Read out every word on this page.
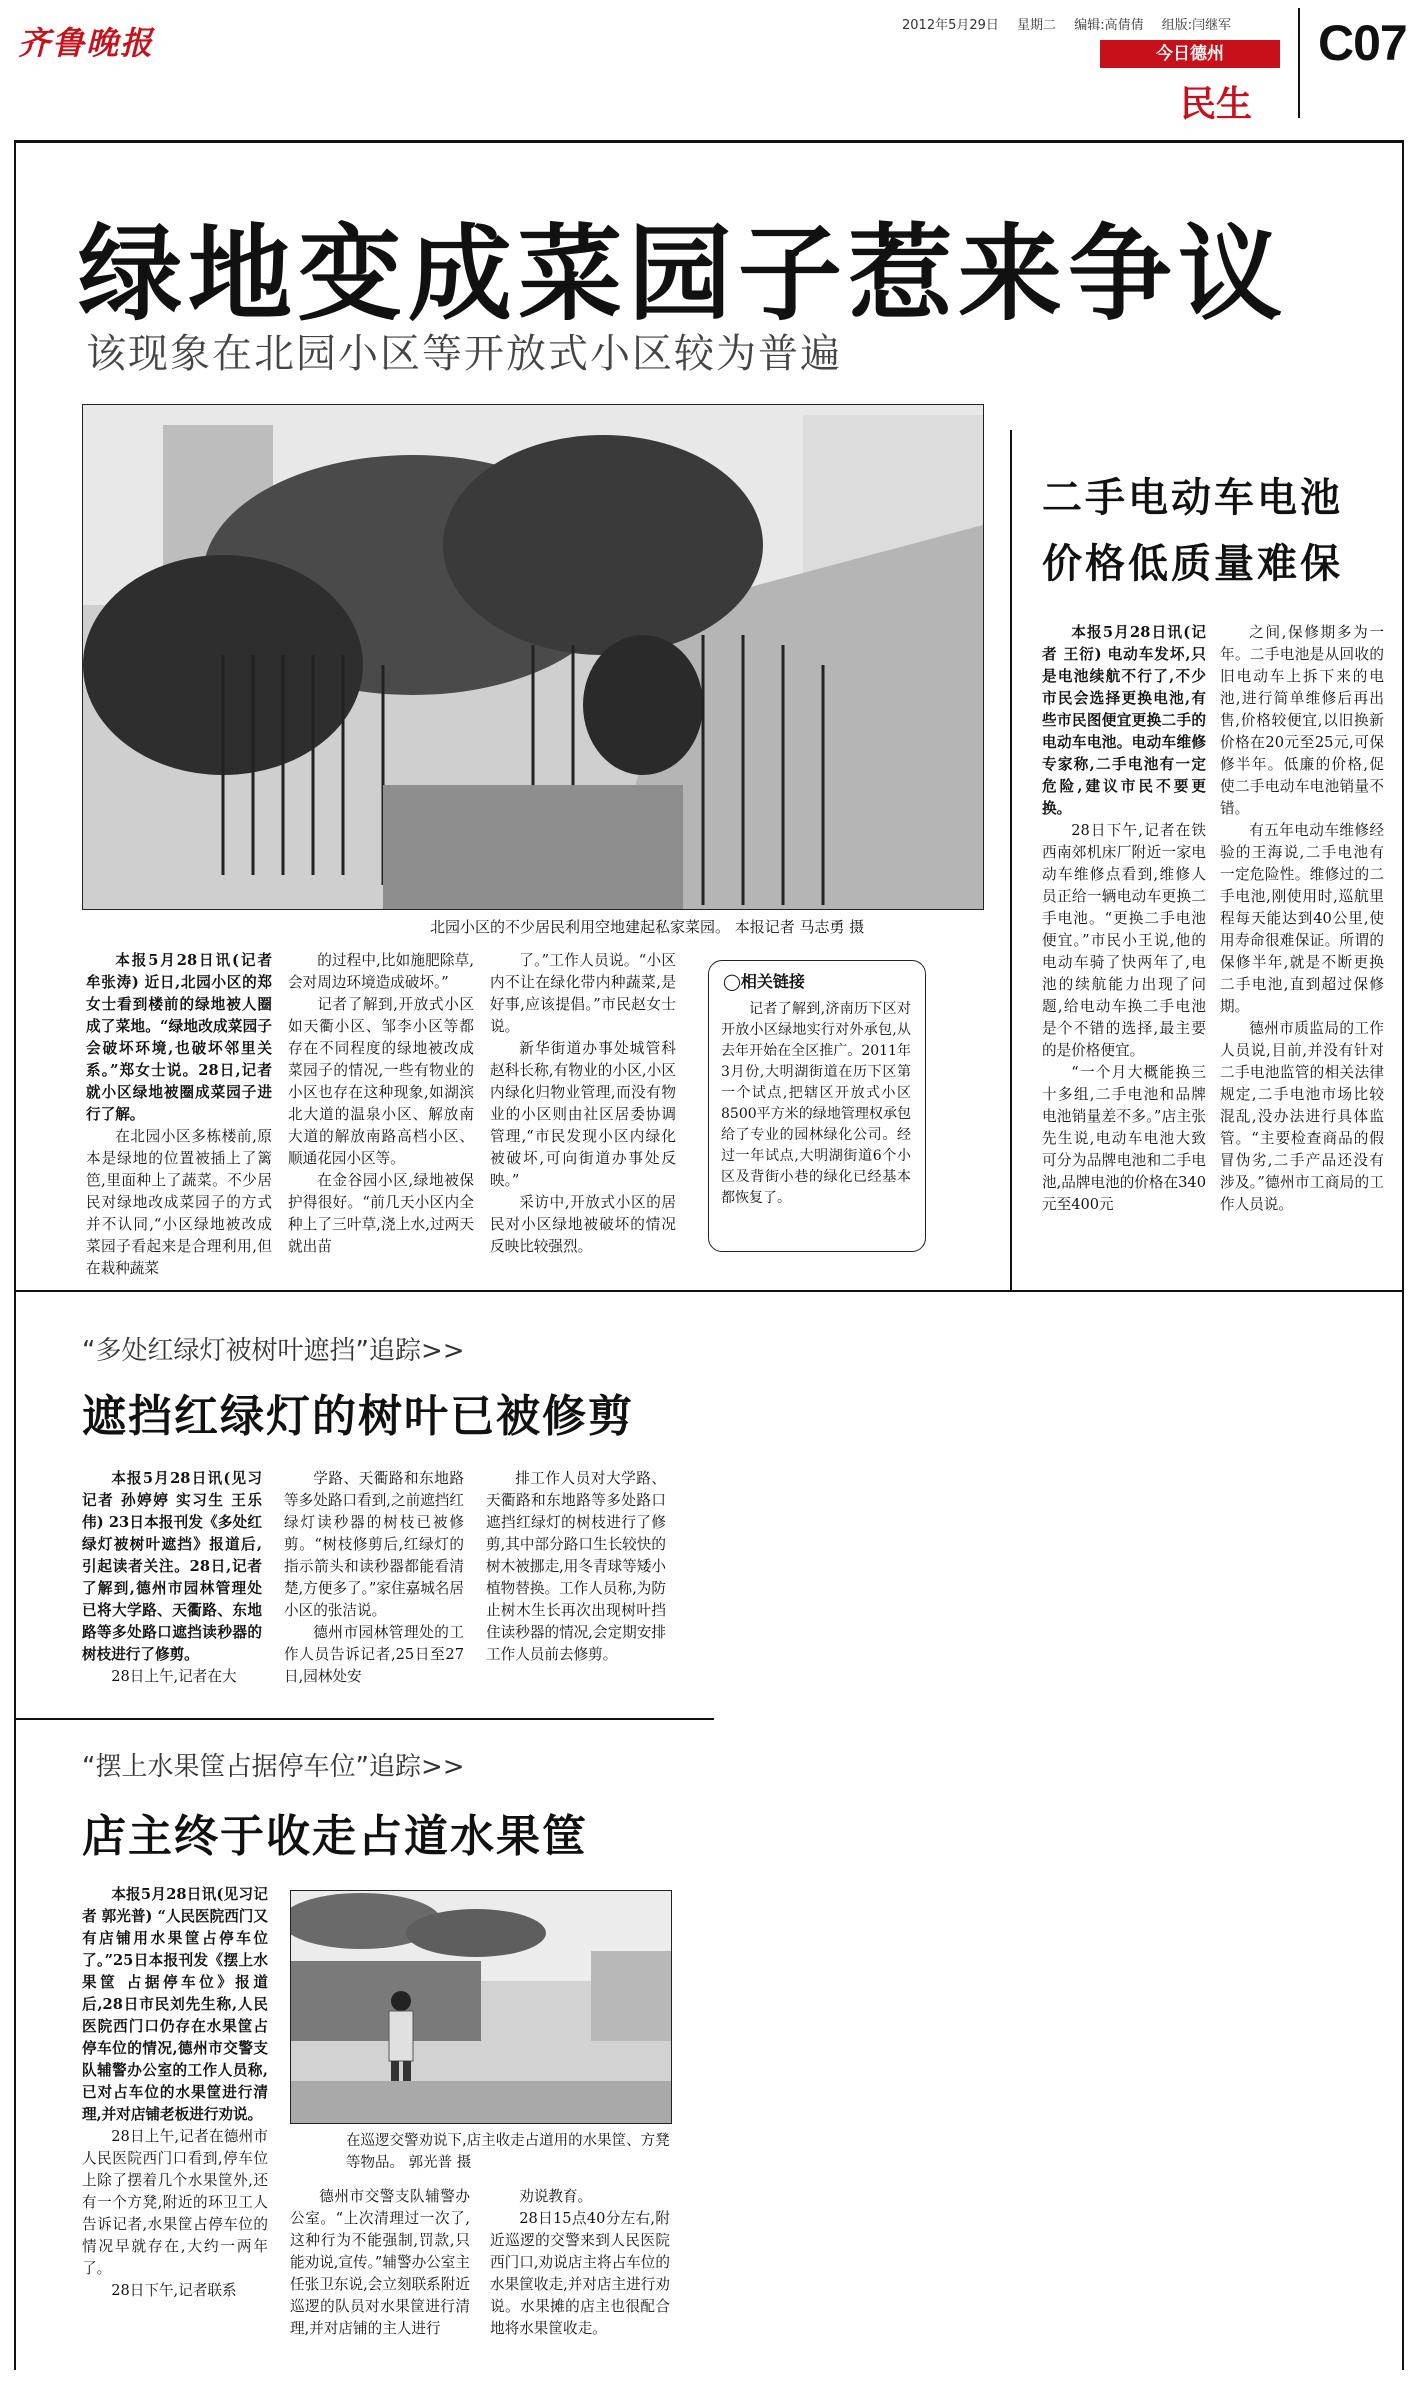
齐鲁晚报	2012年5月29日 星期二 编辑:高倩倩 组版:闫继军
今日德州
民生
C07
绿地变成菜园子惹来争议
该现象在北园小区等开放式小区较为普遍
北园小区的不少居民利用空地建起私家菜园。 本报记者 马志勇 摄

本报5月28日讯(记者 牟张涛) 近日,北园小区的郑女士看到楼前的绿地被人圈成了菜地。“绿地改成菜园子会破坏环境,也破坏邻里关系。”郑女士说。28日,记者就小区绿地被圈成菜园子进行了解。

在北园小区多栋楼前,原本是绿地的位置被插上了篱笆,里面种上了蔬菜。不少居民对绿地改成菜园子的方式并不认同,“小区绿地被改成菜园子看起来是合理利用,但在栽种蔬菜

的过程中,比如施肥除草,会对周边环境造成破坏。”

记者了解到,开放式小区如天衢小区、邹李小区等都存在不同程度的绿地被改成菜园子的情况,一些有物业的小区也存在这种现象,如湖滨北大道的温泉小区、解放南大道的解放南路高档小区、顺通花园小区等。

在金谷园小区,绿地被保护得很好。“前几天小区内全种上了三叶草,浇上水,过两天就出苗

了。”工作人员说。“小区内不让在绿化带内种蔬菜,是好事,应该提倡。”市民赵女士说。

新华街道办事处城管科赵科长称,有物业的小区,小区内绿化归物业管理,而没有物业的小区则由社区居委协调管理,“市民发现小区内绿化被破坏,可向街道办事处反映。”

采访中,开放式小区的居民对小区绿地被破坏的情况反映比较强烈。

◯相关链接

记者了解到,济南历下区对开放小区绿地实行对外承包,从去年开始在全区推广。2011年3月份,大明湖街道在历下区第一个试点,把辖区开放式小区8500平方米的绿地管理权承包给了专业的园林绿化公司。经过一年试点,大明湖街道6个小区及背街小巷的绿化已经基本都恢复了。

二手电动车电池
价格低质量难保

本报5月28日讯(记者 王衍) 电动车发坏,只是电池续航不行了,不少市民会选择更换电池,有些市民图便宜更换二手的电动车电池。电动车维修专家称,二手电池有一定危险,建议市民不要更换。

28日下午,记者在铁西南郊机床厂附近一家电动车维修点看到,维修人员正给一辆电动车更换二手电池。“更换二手电池便宜。”市民小王说,他的电动车骑了快两年了,电池的续航能力出现了问题,给电动车换二手电池是个不错的选择,最主要的是价格便宜。

“一个月大概能换三十多组,二手电池和品牌电池销量差不多。”店主张先生说,电动车电池大致可分为品牌电池和二手电池,品牌电池的价格在340元至400元

之间,保修期多为一年。二手电池是从回收的旧电动车上拆下来的电池,进行简单维修后再出售,价格较便宜,以旧换新价格在20元至25元,可保修半年。低廉的价格,促使二手电动车电池销量不错。

有五年电动车维修经验的王海说,二手电池有一定危险性。维修过的二手电池,刚使用时,巡航里程每天能达到40公里,使用寿命很难保证。所谓的保修半年,就是不断更换二手电池,直到超过保修期。

德州市质监局的工作人员说,目前,并没有针对二手电池监管的相关法律规定,二手电池市场比较混乱,没办法进行具体监管。“主要检查商品的假冒伪劣,二手产品还没有涉及。”德州市工商局的工作人员说。

“多处红绿灯被树叶遮挡”追踪>>
遮挡红绿灯的树叶已被修剪

本报5月28日讯(见习记者 孙婷婷 实习生 王乐伟) 23日本报刊发《多处红绿灯被树叶遮挡》报道后,引起读者关注。28日,记者了解到,德州市园林管理处已将大学路、天衢路、东地路等多处路口遮挡读秒器的树枝进行了修剪。

28日上午,记者在大

学路、天衢路和东地路等多处路口看到,之前遮挡红绿灯读秒器的树枝已被修剪。“树枝修剪后,红绿灯的指示箭头和读秒器都能看清楚,方便多了。”家住嘉城名居小区的张洁说。

德州市园林管理处的工作人员告诉记者,25日至27日,园林处安

排工作人员对大学路、天衢路和东地路等多处路口遮挡红绿灯的树枝进行了修剪,其中部分路口生长较快的树木被挪走,用冬青球等矮小植物替换。工作人员称,为防止树木生长再次出现树叶挡住读秒器的情况,会定期安排工作人员前去修剪。

“摆上水果筐占据停车位”追踪>>
店主终于收走占道水果筐

本报5月28日讯(见习记者 郭光普) “人民医院西门又有店铺用水果筐占停车位了。”25日本报刊发《摆上水果筐 占据停车位》报道后,28日市民刘先生称,人民医院西门口仍存在水果筐占停车位的情况,德州市交警支队辅警办公室的工作人员称,已对占车位的水果筐进行清理,并对店铺老板进行劝说。

28日上午,记者在德州市人民医院西门口看到,停车位上除了摆着几个水果筐外,还有一个方凳,附近的环卫工人告诉记者,水果筐占停车位的情况早就存在,大约一两年了。

28日下午,记者联系

在巡逻交警劝说下,店主收走占道用的水果筐、方凳等物品。 郭光普 摄

德州市交警支队辅警办公室。“上次清理过一次了,这种行为不能强制,罚款,只能劝说,宣传。”辅警办公室主任张卫东说,会立刻联系附近巡逻的队员对水果筐进行清理,并对店铺的主人进行

劝说教育。

28日15点40分左右,附近巡逻的交警来到人民医院西门口,劝说店主将占车位的水果筐收走,并对店主进行劝说。水果摊的店主也很配合地将水果筐收走。
